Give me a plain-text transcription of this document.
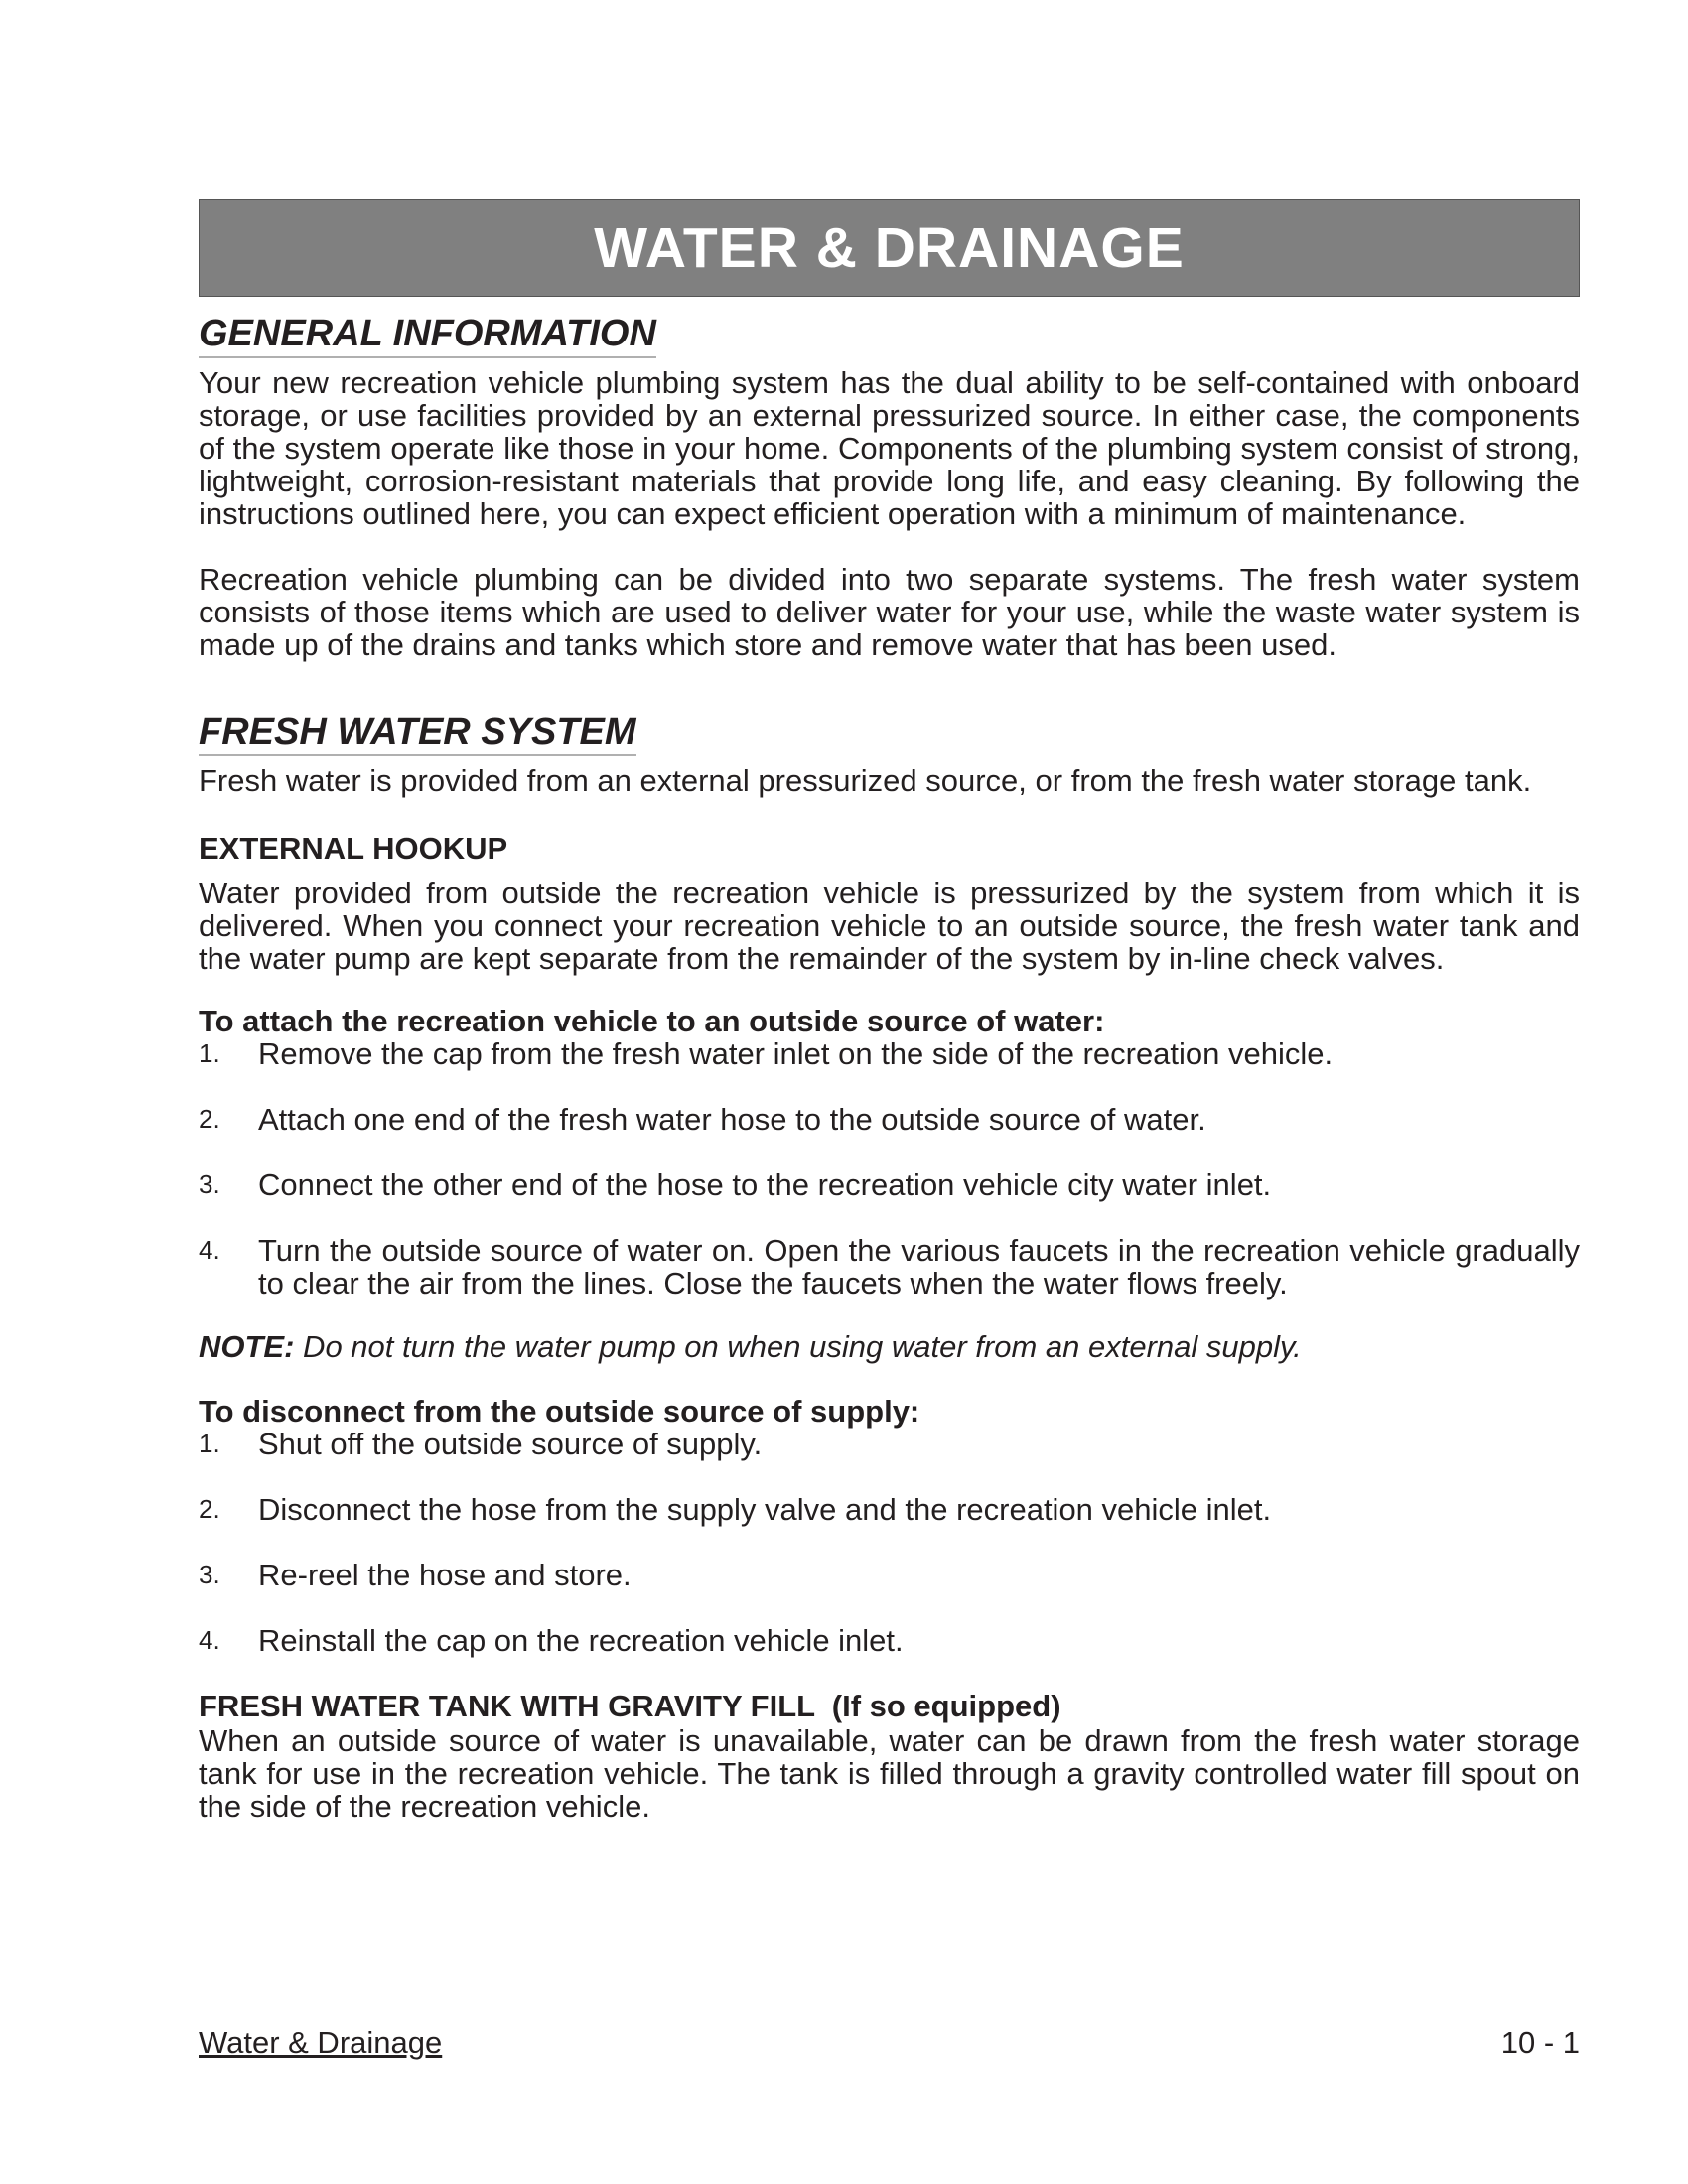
WATER & DRAINAGE
GENERAL INFORMATION

Your new recreation vehicle plumbing system has the dual ability to be self-contained with onboard storage, or use facilities provided by an external pressurized source. In either case, the components of the system operate like those in your home. Components of the plumbing system consist of strong, lightweight, corrosion-resistant materials that provide long life, and easy cleaning. By following the instructions outlined here, you can expect efficient operation with a minimum of maintenance.

Recreation vehicle plumbing can be divided into two separate systems. The fresh water system consists of those items which are used to deliver water for your use, while the waste water system is made up of the drains and tanks which store and remove water that has been used.

FRESH WATER SYSTEM

Fresh water is provided from an external pressurized source, or from the fresh water storage tank.

EXTERNAL HOOKUP

Water provided from outside the recreation vehicle is pressurized by the system from which it is delivered. When you connect your recreation vehicle to an outside source, the fresh water tank and the water pump are kept separate from the remainder of the system by in-line check valves.

To attach the recreation vehicle to an outside source of water:

1.	Remove the cap from the fresh water inlet on the side of the recreation vehicle.
2.	Attach one end of the fresh water hose to the outside source of water.
3.	Connect the other end of the hose to the recreation vehicle city water inlet.
4.	Turn the outside source of water on. Open the various faucets in the recreation vehicle gradually to clear the air from the lines. Close the faucets when the water flows freely.

NOTE: Do not turn the water pump on when using water from an external supply.

To disconnect from the outside source of supply:

1.	Shut off the outside source of supply.
2.	Disconnect the hose from the supply valve and the recreation vehicle inlet.
3.	Re-reel the hose and store.
4.	Reinstall the cap on the recreation vehicle inlet.
FRESH WATER TANK WITH GRAVITY FILL  (If so equipped)

When an outside source of water is unavailable, water can be drawn from the fresh water storage tank for use in the recreation vehicle. The tank is filled through a gravity controlled water fill spout on the side of the recreation vehicle.

Water & Drainage	10 - 1
